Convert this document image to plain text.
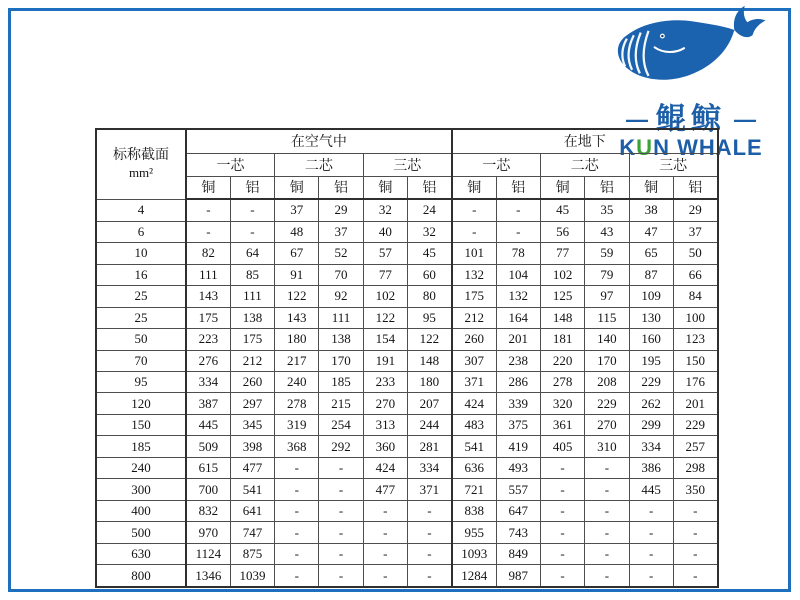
— 鲲鲸 —
KUN WHALE
标称截面
mm²	在空气中						在地下					
	一芯		二芯		三芯		一芯		二芯		三芯	
	铜	铝	铜	铝	铜	铝	铜	铝	铜	铝	铜	铝
4	-	-	37	29	32	24	-	-	45	35	38	29
6	-	-	48	37	40	32	-	-	56	43	47	37
10	82	64	67	52	57	45	101	78	77	59	65	50
16	111	85	91	70	77	60	132	104	102	79	87	66
25	143	111	122	92	102	80	175	132	125	97	109	84
25	175	138	143	111	122	95	212	164	148	115	130	100
50	223	175	180	138	154	122	260	201	181	140	160	123
70	276	212	217	170	191	148	307	238	220	170	195	150
95	334	260	240	185	233	180	371	286	278	208	229	176
120	387	297	278	215	270	207	424	339	320	229	262	201
150	445	345	319	254	313	244	483	375	361	270	299	229
185	509	398	368	292	360	281	541	419	405	310	334	257
240	615	477	-	-	424	334	636	493	-	-	386	298
300	700	541	-	-	477	371	721	557	-	-	445	350
400	832	641	-	-	-	-	838	647	-	-	-	-
500	970	747	-	-	-	-	955	743	-	-	-	-
630	1124	875	-	-	-	-	1093	849	-	-	-	-
800	1346	1039	-	-	-	-	1284	987	-	-	-	-
